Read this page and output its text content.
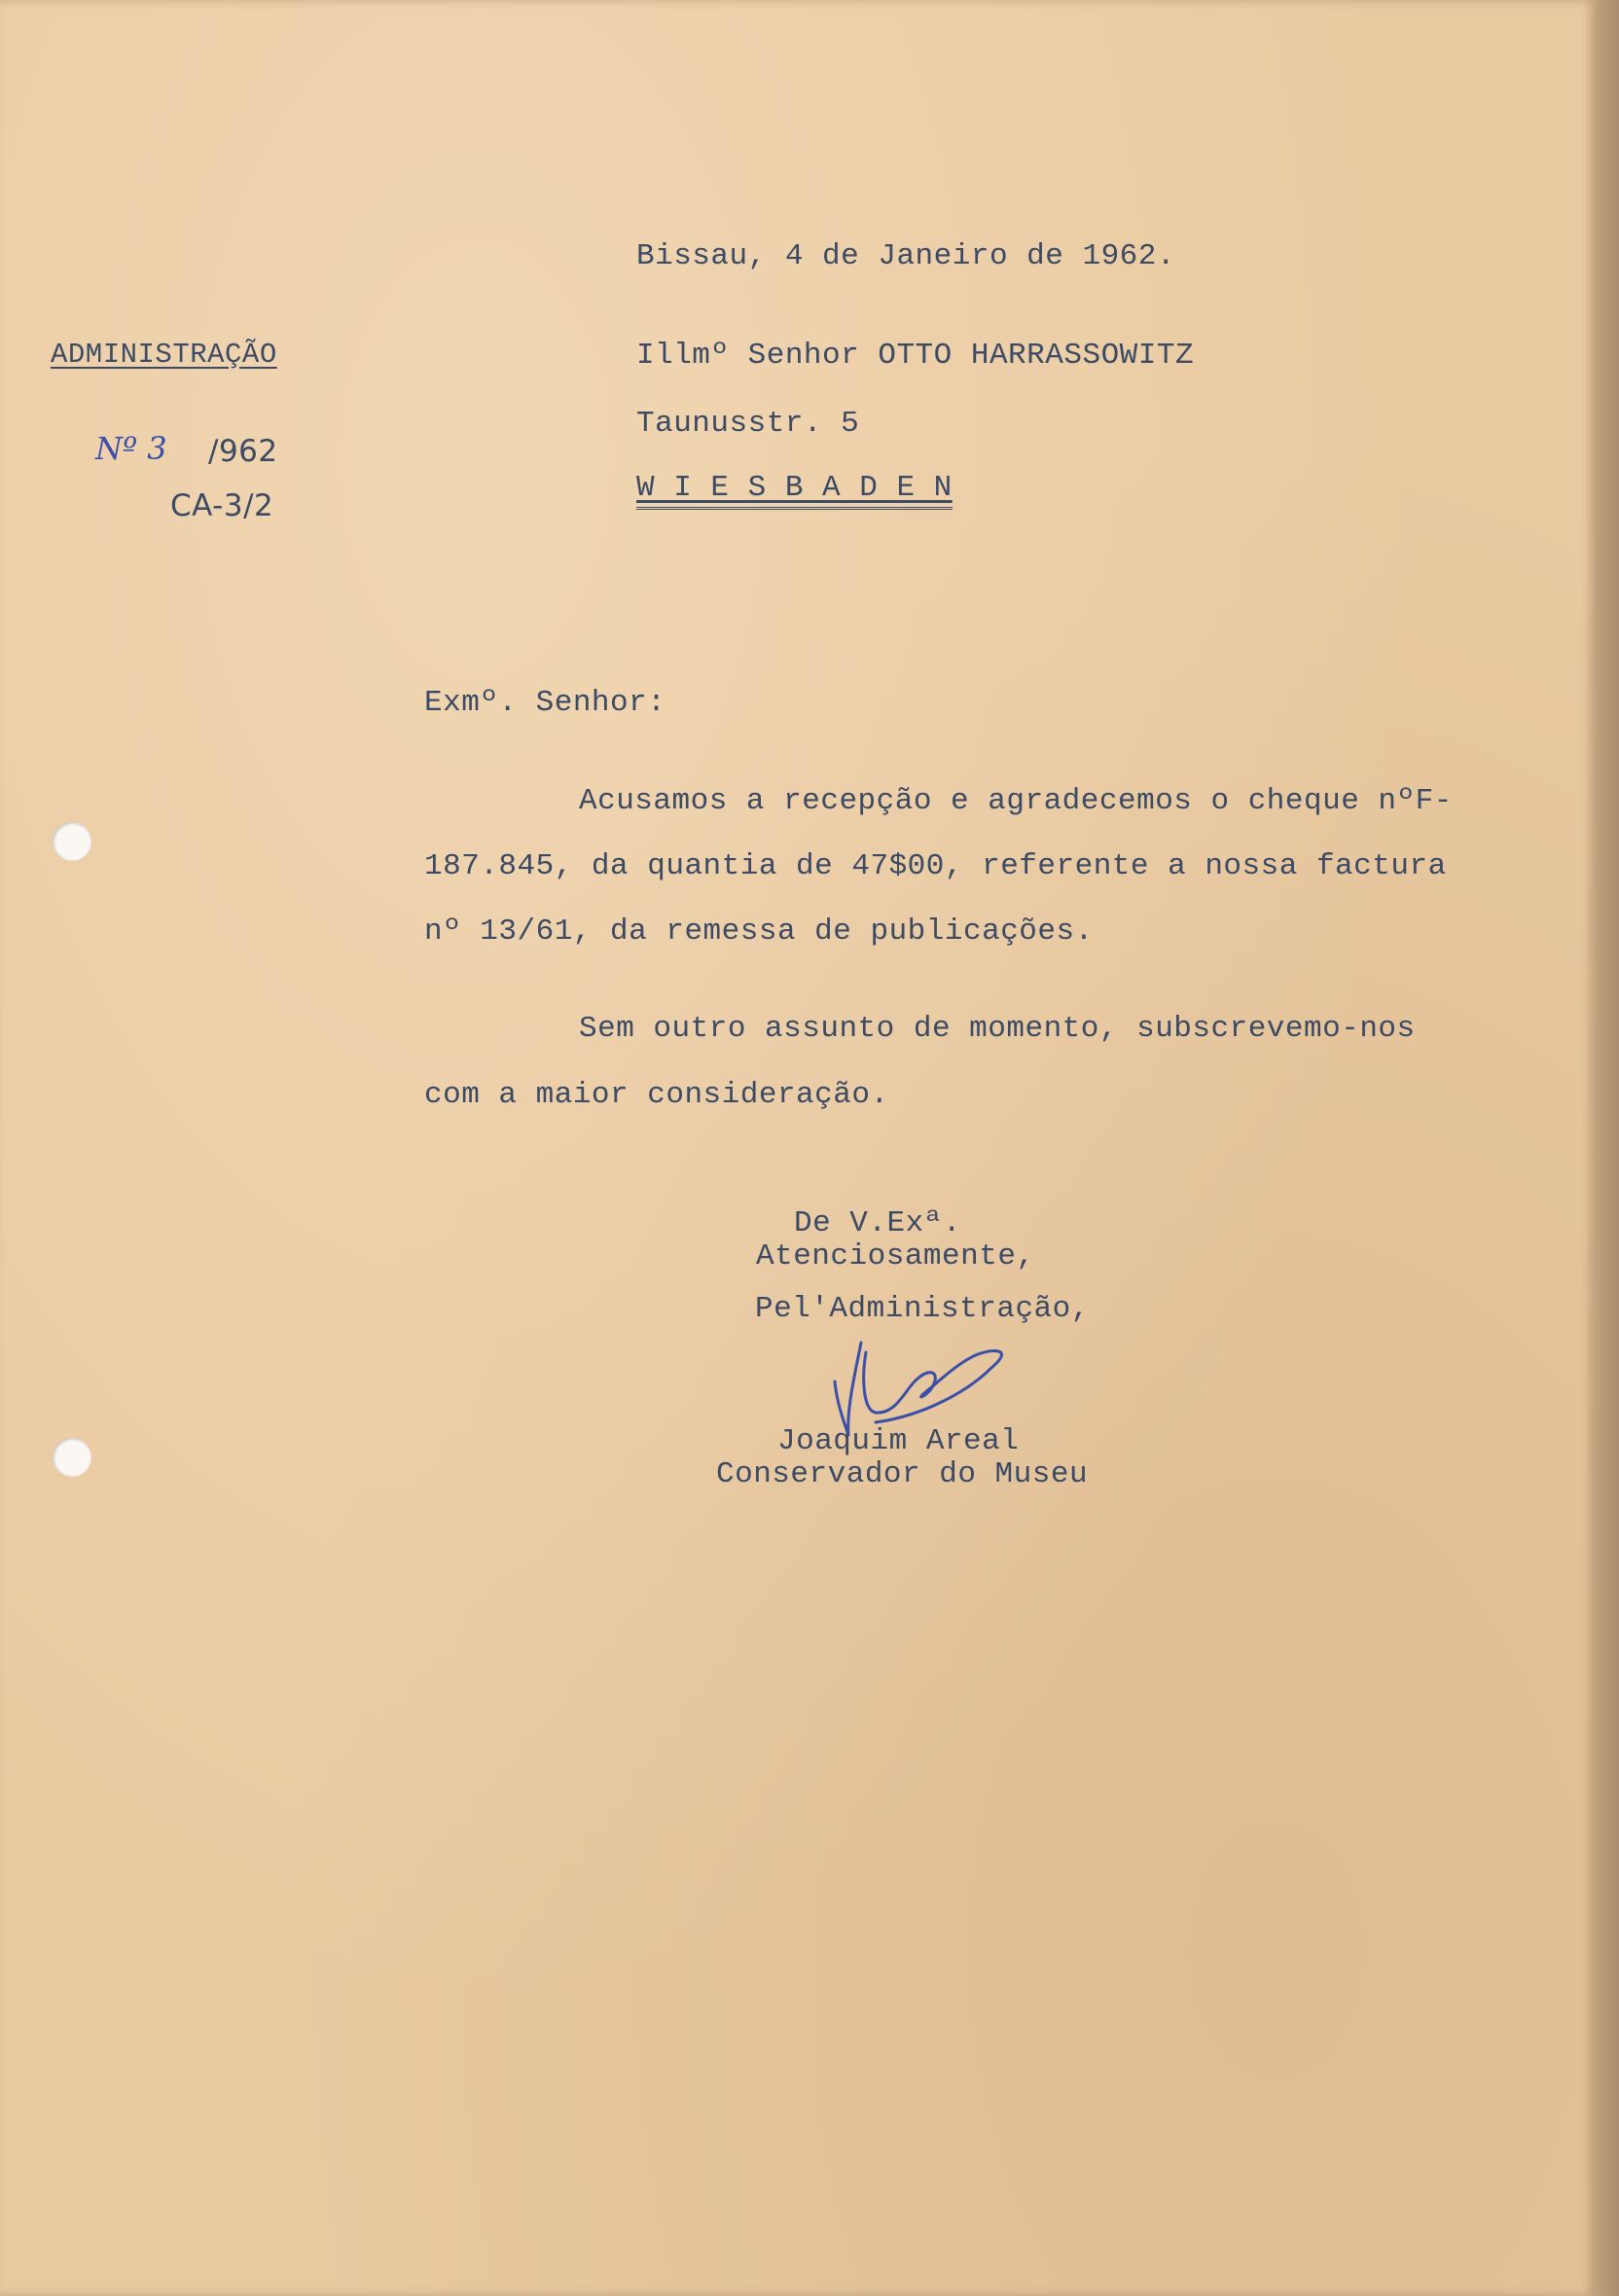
ADMINISTRAÇÃO
Nº 3 /962
CA-3/2
Bissau, 4 de Janeiro de 1962.
Illmº Senhor OTTO HARRASSOWITZ
Taunusstr. 5
W I E S B A D E N
Exmº. Senhor:
Acusamos a recepção e agradecemos o cheque nºF-
187.845, da quantia de 47$00, referente a nossa factura
nº 13/61, da remessa de publicações.
Sem outro assunto de momento, subscrevemo-nos
com a maior consideração.
De V.Exª.
Atenciosamente,
Pel'Administração,
Joaquim Areal
Conservador do Museu
